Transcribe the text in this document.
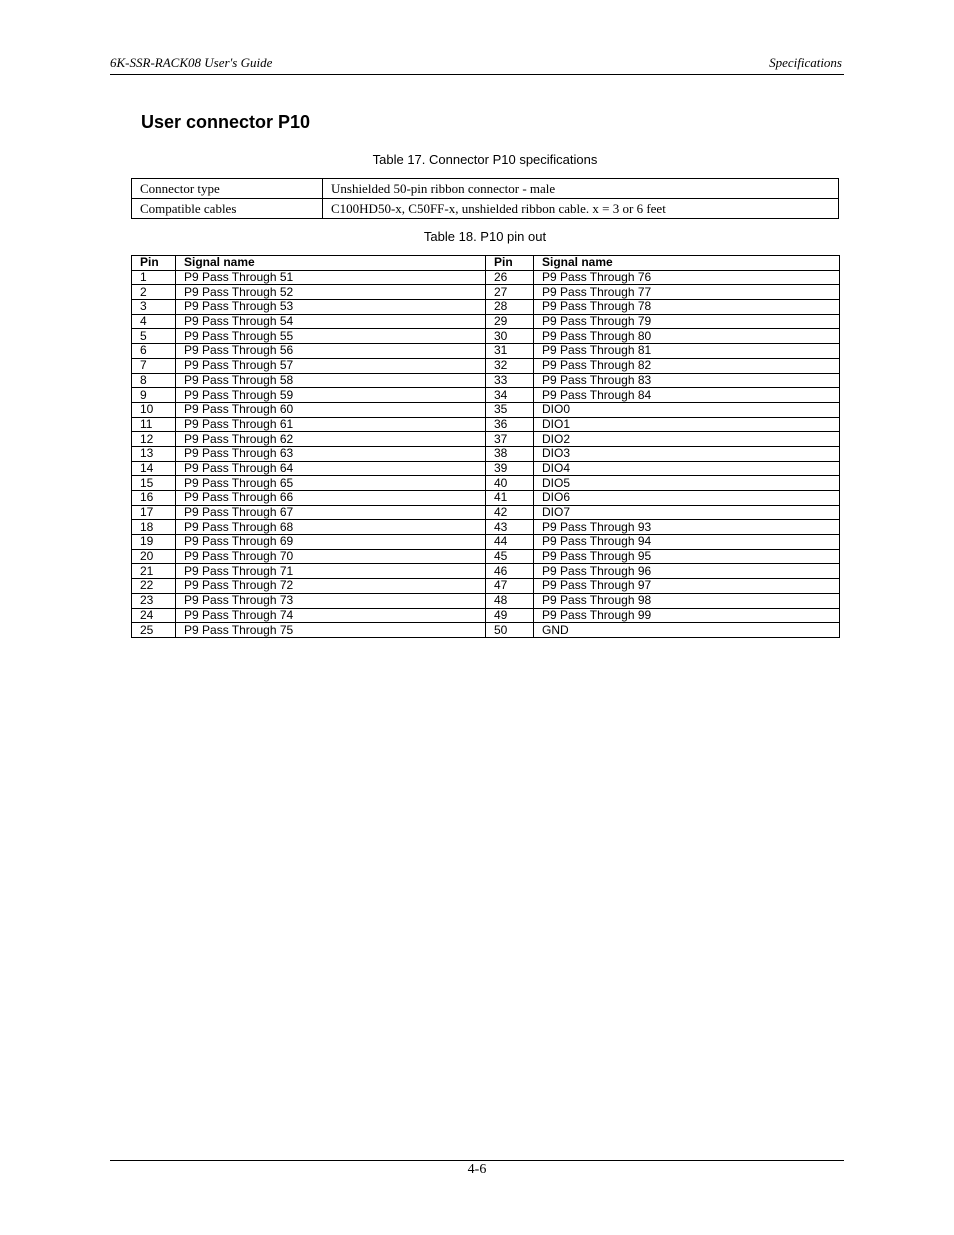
6K-SSR-RACK08 User's Guide	Specifications
User connector P10
Table 17. Connector P10 specifications
Connector type	Unshielded 50-pin ribbon connector - male
Compatible cables	C100HD50-x, C50FF-x, unshielded ribbon cable. x = 3 or 6 feet
Table 18. P10 pin out
Pin	Signal name	Pin	Signal name
1	P9 Pass Through 51	26	P9 Pass Through 76
2	P9 Pass Through 52	27	P9 Pass Through 77
3	P9 Pass Through 53	28	P9 Pass Through 78
4	P9 Pass Through 54	29	P9 Pass Through 79
5	P9 Pass Through 55	30	P9 Pass Through 80
6	P9 Pass Through 56	31	P9 Pass Through 81
7	P9 Pass Through 57	32	P9 Pass Through 82
8	P9 Pass Through 58	33	P9 Pass Through 83
9	P9 Pass Through 59	34	P9 Pass Through 84
10	P9 Pass Through 60	35	DIO0
11	P9 Pass Through 61	36	DIO1
12	P9 Pass Through 62	37	DIO2
13	P9 Pass Through 63	38	DIO3
14	P9 Pass Through 64	39	DIO4
15	P9 Pass Through 65	40	DIO5
16	P9 Pass Through 66	41	DIO6
17	P9 Pass Through 67	42	DIO7
18	P9 Pass Through 68	43	P9 Pass Through 93
19	P9 Pass Through 69	44	P9 Pass Through 94
20	P9 Pass Through 70	45	P9 Pass Through 95
21	P9 Pass Through 71	46	P9 Pass Through 96
22	P9 Pass Through 72	47	P9 Pass Through 97
23	P9 Pass Through 73	48	P9 Pass Through 98
24	P9 Pass Through 74	49	P9 Pass Through 99
25	P9 Pass Through 75	50	GND
4-6
